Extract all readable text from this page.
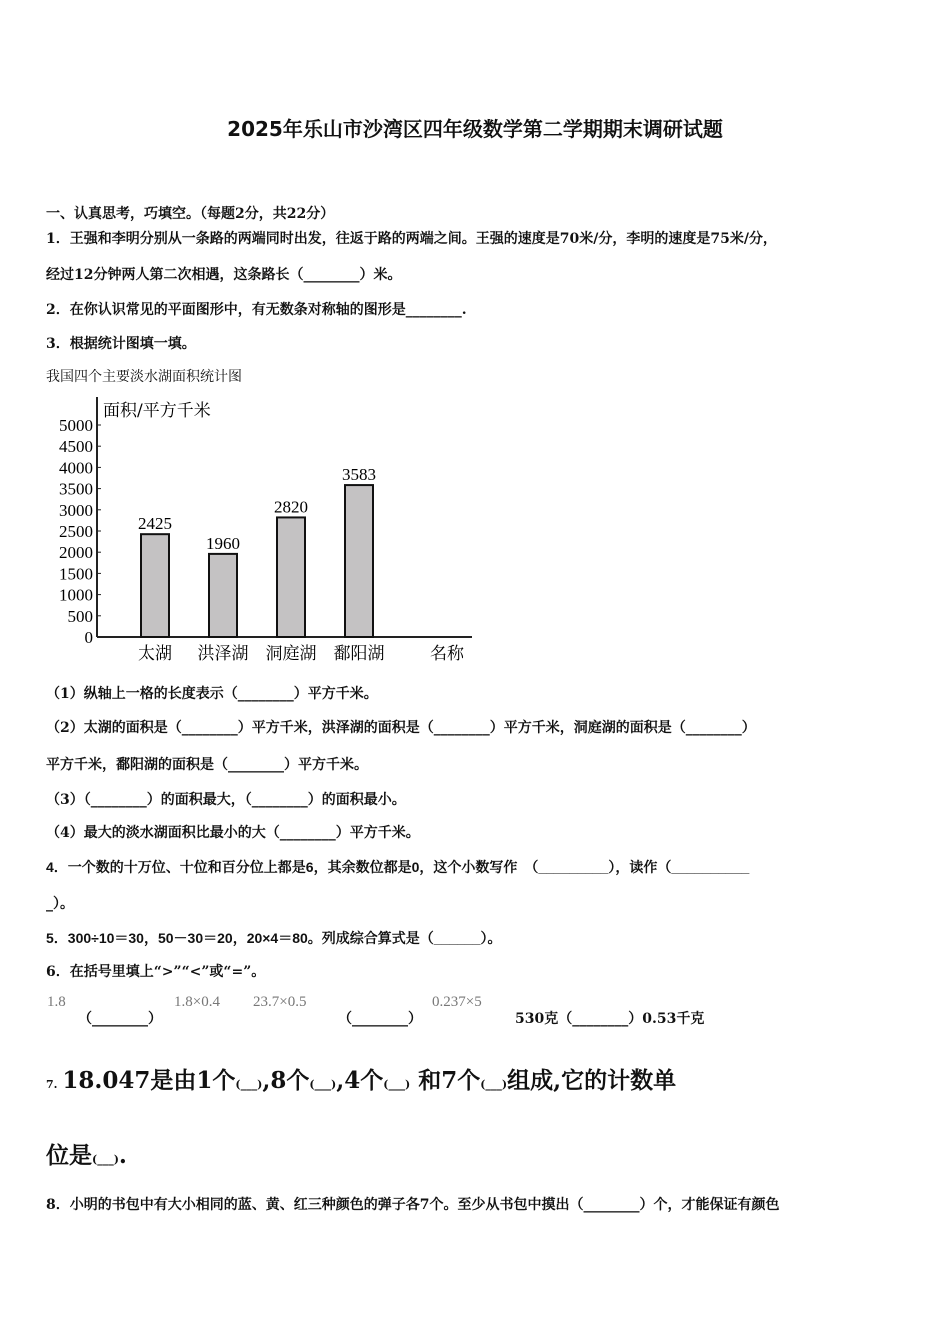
2025年乐山市沙湾区四年级数学第二学期期末调研试题
一、认真思考，巧填空。（每题2分，共22分）
1．王强和李明分别从一条路的两端同时出发，往返于路的两端之间。王强的速度是70米/分，李明的速度是75米/分，
经过12分钟两人第二次相遇，这条路长（________）米。
2．在你认识常见的平面图形中，有无数条对称轴的图形是________.
3．根据统计图填一填。
我国四个主要淡水湖面积统计图
面积/平方千米
0
500
1000
1500
2000
2500
3000
3500
4000
4500
5000
2425
太湖
1960
洪泽湖
2820
洞庭湖
3583
鄱阳湖	名称
（1）纵轴上一格的长度表示（________）平方千米。
（2）太湖的面积是（________）平方千米，洪泽湖的面积是（________）平方千米，洞庭湖的面积是（________）
平方千米，鄱阳湖的面积是（________）平方千米。
（3）（________）的面积最大，（________）的面积最小。
（4）最大的淡水湖面积比最小的大（________）平方千米。
4．一个数的十万位、十位和百分位上都是6，其余数位都是0，这个小数写作　（_________），读作（__________
_）。
5．300÷10＝30，50－30＝20，20×4＝80。列成综合算式是（______）。
6．在括号里填上“>”“<”或“=”。
1.8
（________）
1.8×0.4 23.7×0.5
（________）
0.237×5
530克（________）0.53千克
7. 18.047是由1个(___),8个(___),4个(___) 和7个(___)组成,它的计数单
位是(___).
8．小明的书包中有大小相同的蓝、黄、红三种颜色的弹子各7个。至少从书包中摸出（________）个，才能保证有颜色
